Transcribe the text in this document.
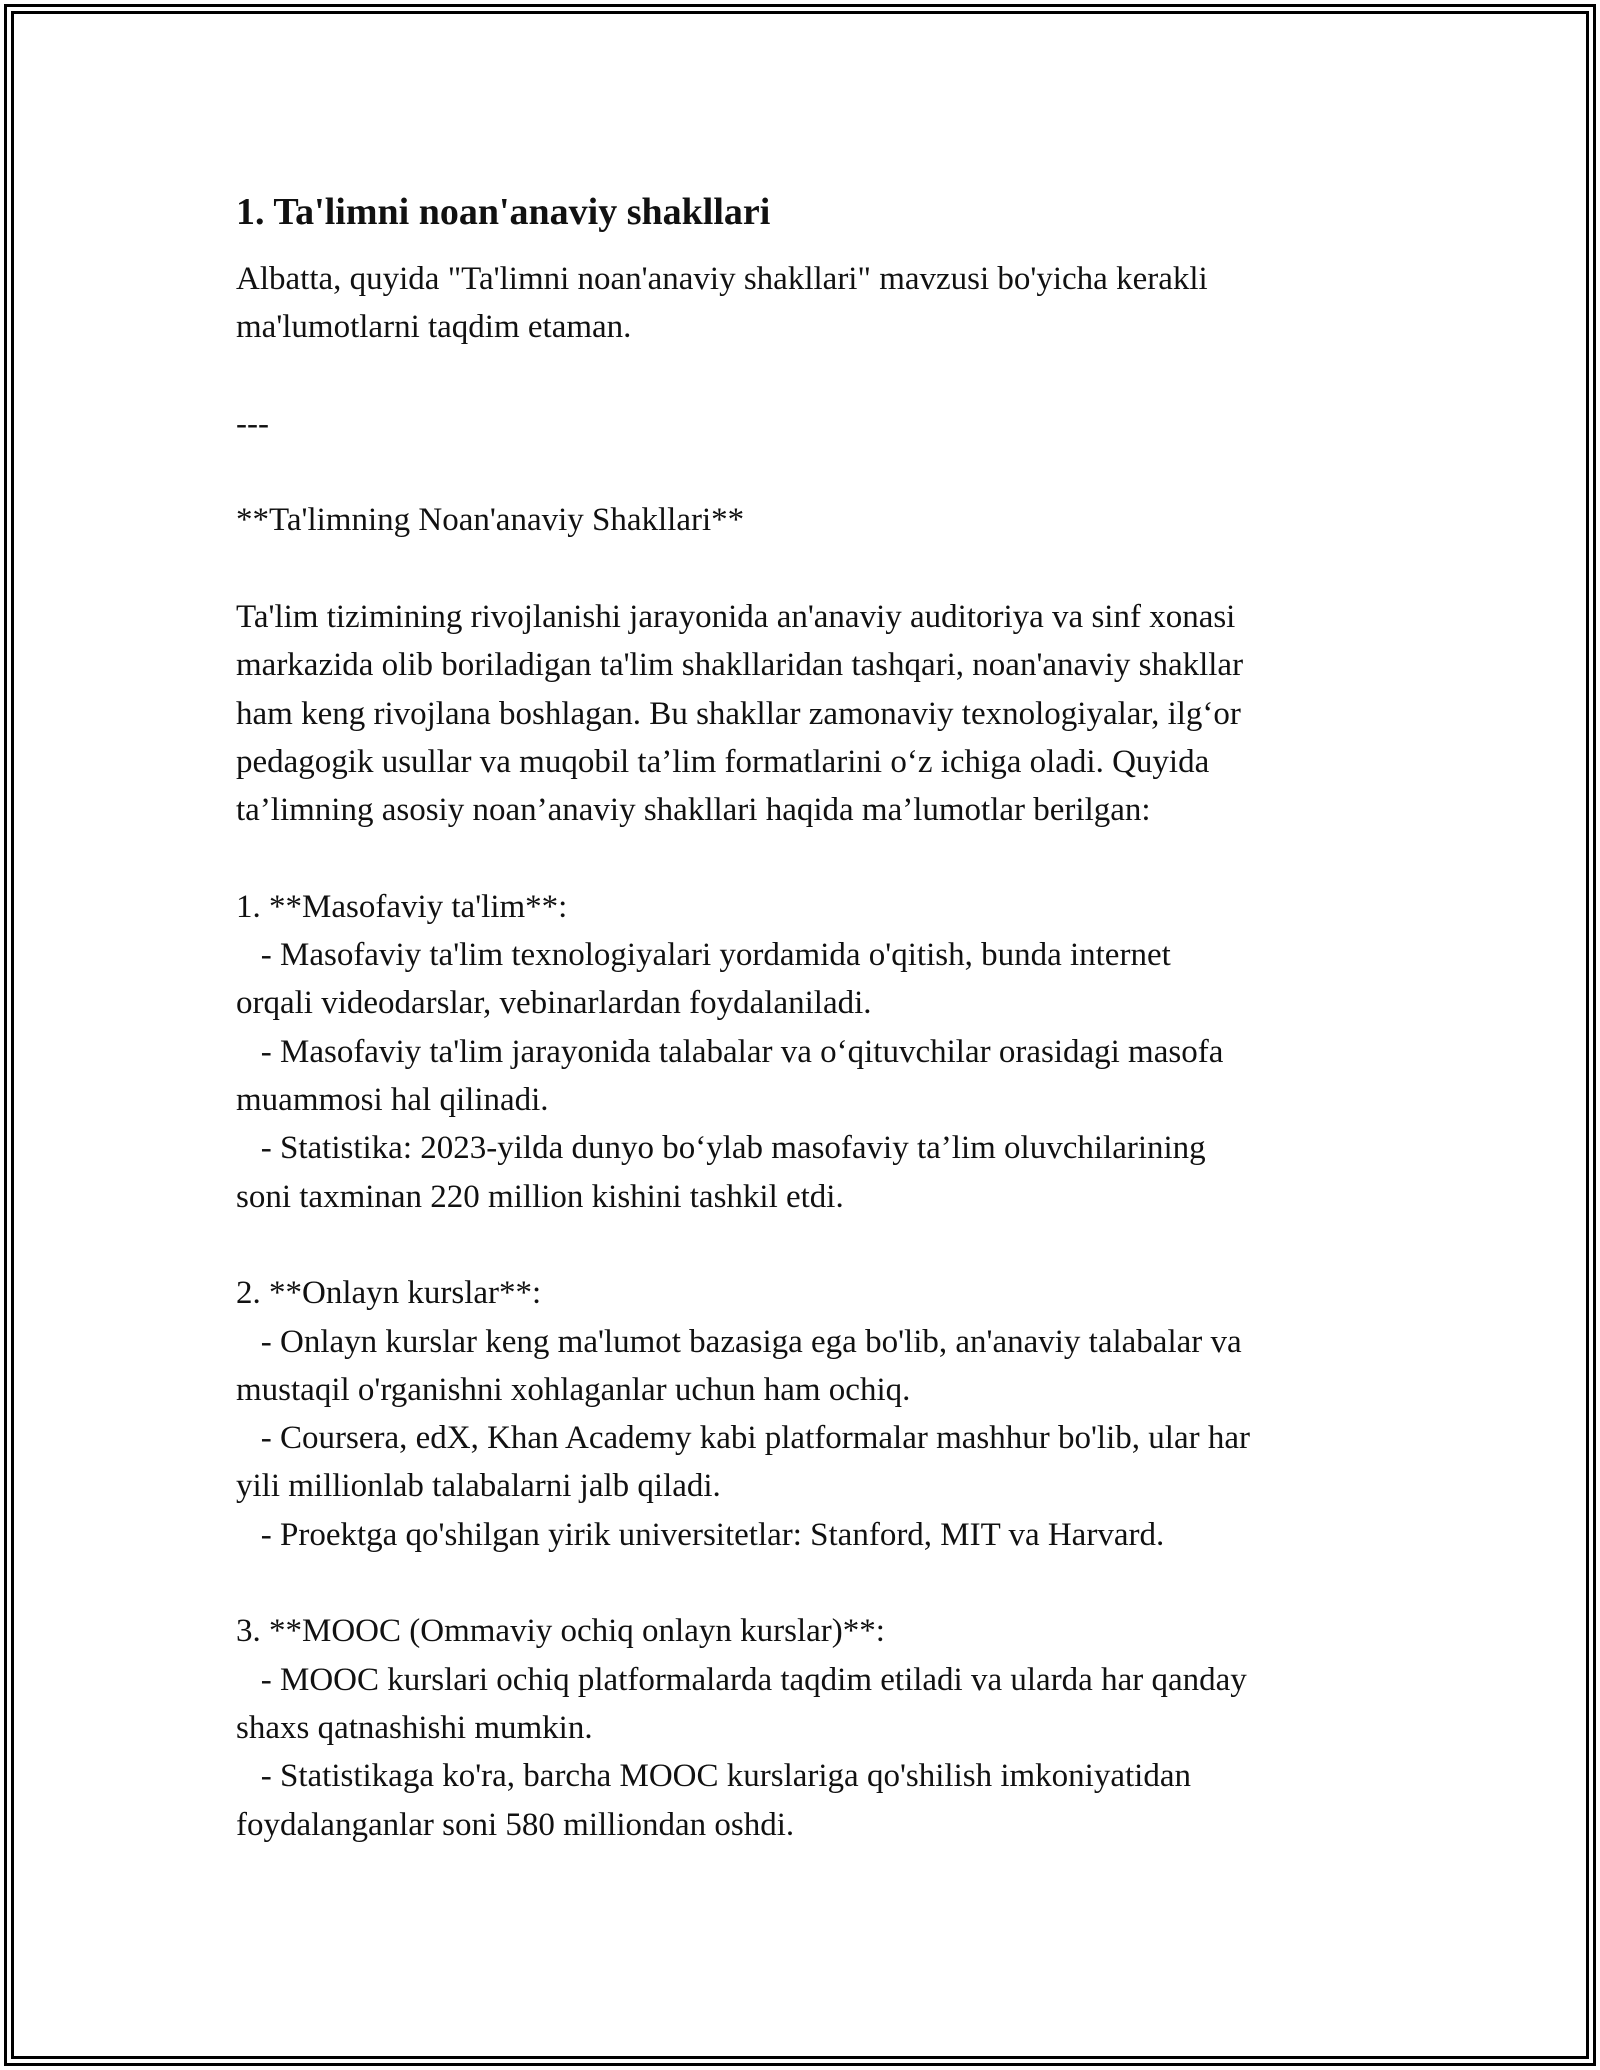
1. Ta'limni noan'anaviy shakllari

Albatta, quyida "Ta'limni noan'anaviy shakllari" mavzusi bo'yicha kerakli

ma'lumotlarni taqdim etaman.

---

**Ta'limning Noan'anaviy Shakllari**

Ta'lim tizimining rivojlanishi jarayonida an'anaviy auditoriya va sinf xonasi

markazida olib boriladigan ta'lim shakllaridan tashqari, noan'anaviy shakllar

ham keng rivojlana boshlagan. Bu shakllar zamonaviy texnologiyalar, ilg‘or

pedagogik usullar va muqobil ta’lim formatlarini o‘z ichiga oladi. Quyida

ta’limning asosiy noan’anaviy shakllari haqida ma’lumotlar berilgan:

1. **Masofaviy ta'lim**:

- Masofaviy ta'lim texnologiyalari yordamida o'qitish, bunda internet

orqali videodarslar, vebinarlardan foydalaniladi.

- Masofaviy ta'lim jarayonida talabalar va o‘qituvchilar orasidagi masofa

muammosi hal qilinadi.

- Statistika: 2023-yilda dunyo bo‘ylab masofaviy ta’lim oluvchilarining

soni taxminan 220 million kishini tashkil etdi.

2. **Onlayn kurslar**:

- Onlayn kurslar keng ma'lumot bazasiga ega bo'lib, an'anaviy talabalar va

mustaqil o'rganishni xohlaganlar uchun ham ochiq.

- Coursera, edX, Khan Academy kabi platformalar mashhur bo'lib, ular har

yili millionlab talabalarni jalb qiladi.

- Proektga qo'shilgan yirik universitetlar: Stanford, MIT va Harvard.

3. **MOOC (Ommaviy ochiq onlayn kurslar)**:

- MOOC kurslari ochiq platformalarda taqdim etiladi va ularda har qanday

shaxs qatnashishi mumkin.

- Statistikaga ko'ra, barcha MOOC kurslariga qo'shilish imkoniyatidan

foydalanganlar soni 580 milliondan oshdi.
